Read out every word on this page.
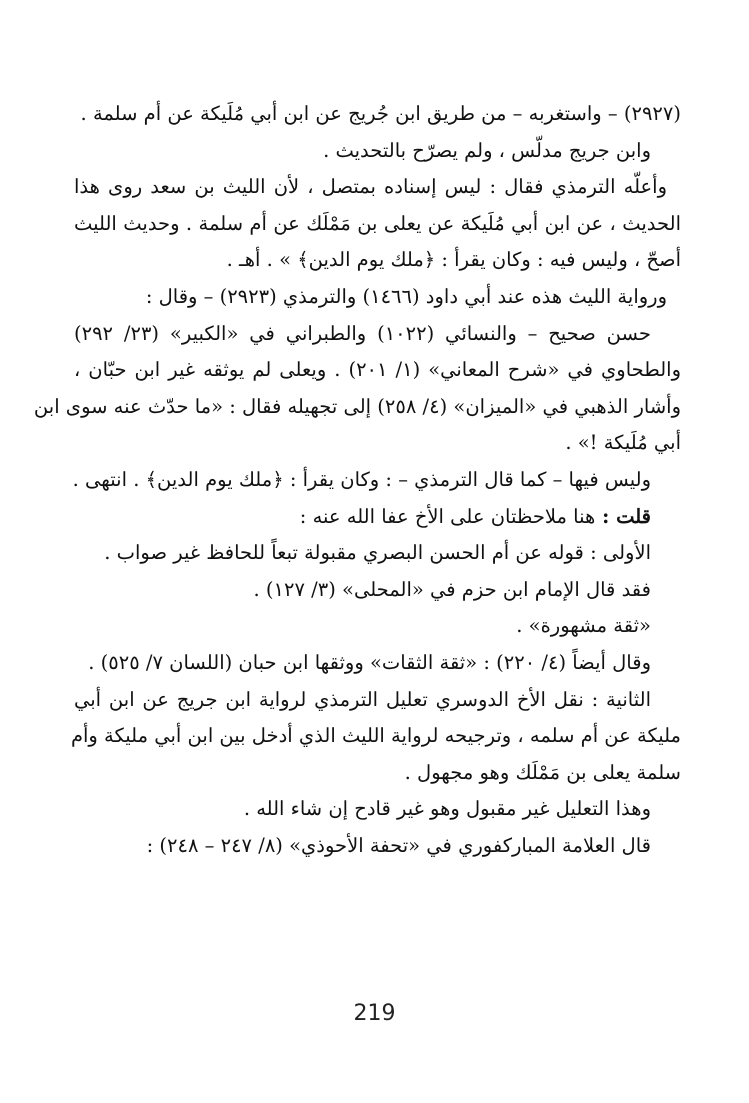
(٢٩٢٧) – واستغربه – من طريق ابن جُريج عن ابن أبي مُلَيكة عن أم سلمة .
وابن جريج مدلّس ، ولم يصرّح بالتحديث .
وأعلّه الترمذي فقال : ليس إسناده بمتصل ، لأن الليث بن سعد روى هذا
الحديث ، عن ابن أبي مُلَيكة عن يعلى بن مَمْلَك عن أم سلمة . وحديث الليث
أصحّ ، وليس فيه : وكان يقرأ : ﴿ملك يوم الدين﴾ » . أهـ .
ورواية الليث هذه عند أبي داود (١٤٦٦) والترمذي (٢٩٢٣) – وقال :
حسن صحيح – والنسائي (١٠٢٢) والطبراني في «الكبير» (٢٣/ ٢٩٢)
والطحاوي في «شرح المعاني» (١/ ٢٠١) . ويعلى لم يوثقه غير ابن حبّان ،
وأشار الذهبي في «الميزان» (٤/ ٢٥٨) إلى تجهيله فقال : «ما حدّث عنه سوى ابن
أبي مُلَيكة !» .
وليس فيها – كما قال الترمذي – : وكان يقرأ : ﴿ملك يوم الدين﴾ . انتهى .
قلت : هنا ملاحظتان على الأخ عفا الله عنه :
الأولى : قوله عن أم الحسن البصري مقبولة تبعاً للحافظ غير صواب .
فقد قال الإمام ابن حزم في «المحلى» (٣/ ١٢٧) .
«ثقة مشهورة» .
وقال أيضاً (٤/ ٢٢٠) : «ثقة الثقات» ووثقها ابن حبان (اللسان ٧/ ٥٢٥) .
الثانية : نقل الأخ الدوسري تعليل الترمذي لرواية ابن جريج عن ابن أبي
مليكة عن أم سلمه ، وترجيحه لرواية الليث الذي أدخل بين ابن أبي مليكة وأم
سلمة يعلى بن مَمْلَك وهو مجهول .
وهذا التعليل غير مقبول وهو غير قادح إن شاء الله .
قال العلامة المباركفوري في «تحفة الأحوذي» (٨/ ٢٤٧ – ٢٤٨) :
219
